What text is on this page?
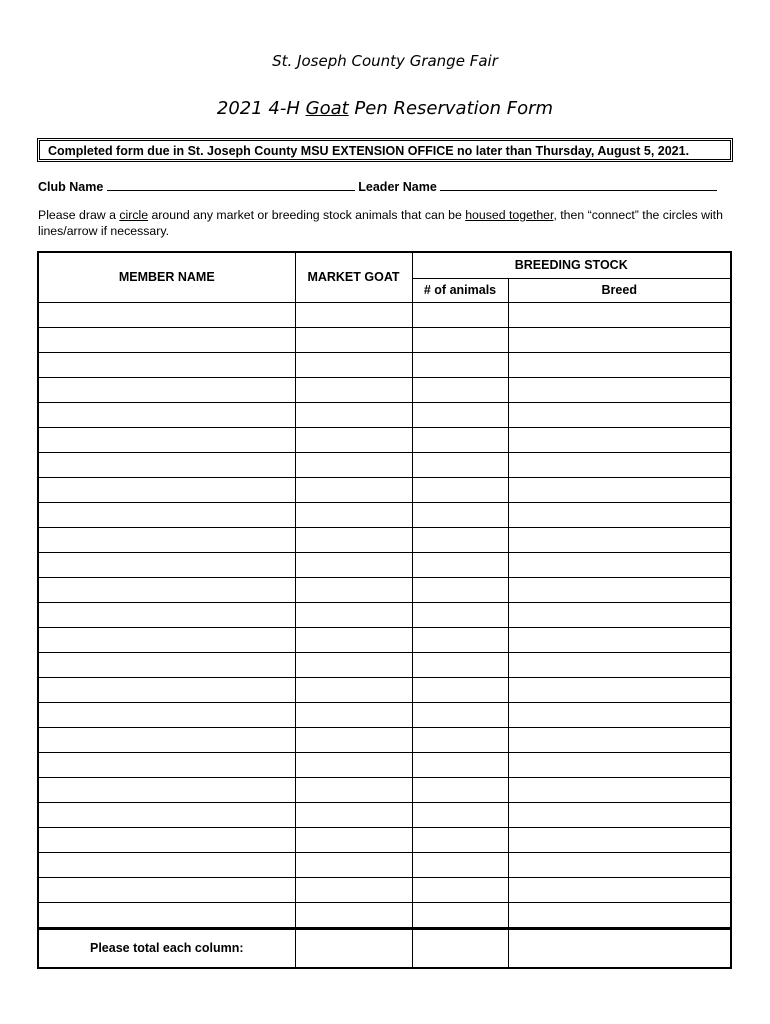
St. Joseph County Grange Fair
2021 4-H Goat Pen Reservation Form
Completed form due in St. Joseph County MSU EXTENSION OFFICE no later than Thursday, August 5, 2021.
Club Name	Leader Name
Please draw a circle around any market or breeding stock animals that can be housed together, then “connect” the circles with lines/arrow if necessary.
MEMBER NAME	MARKET GOAT	BREEDING STOCK	
		# of animals	Breed

Please total each column:			
